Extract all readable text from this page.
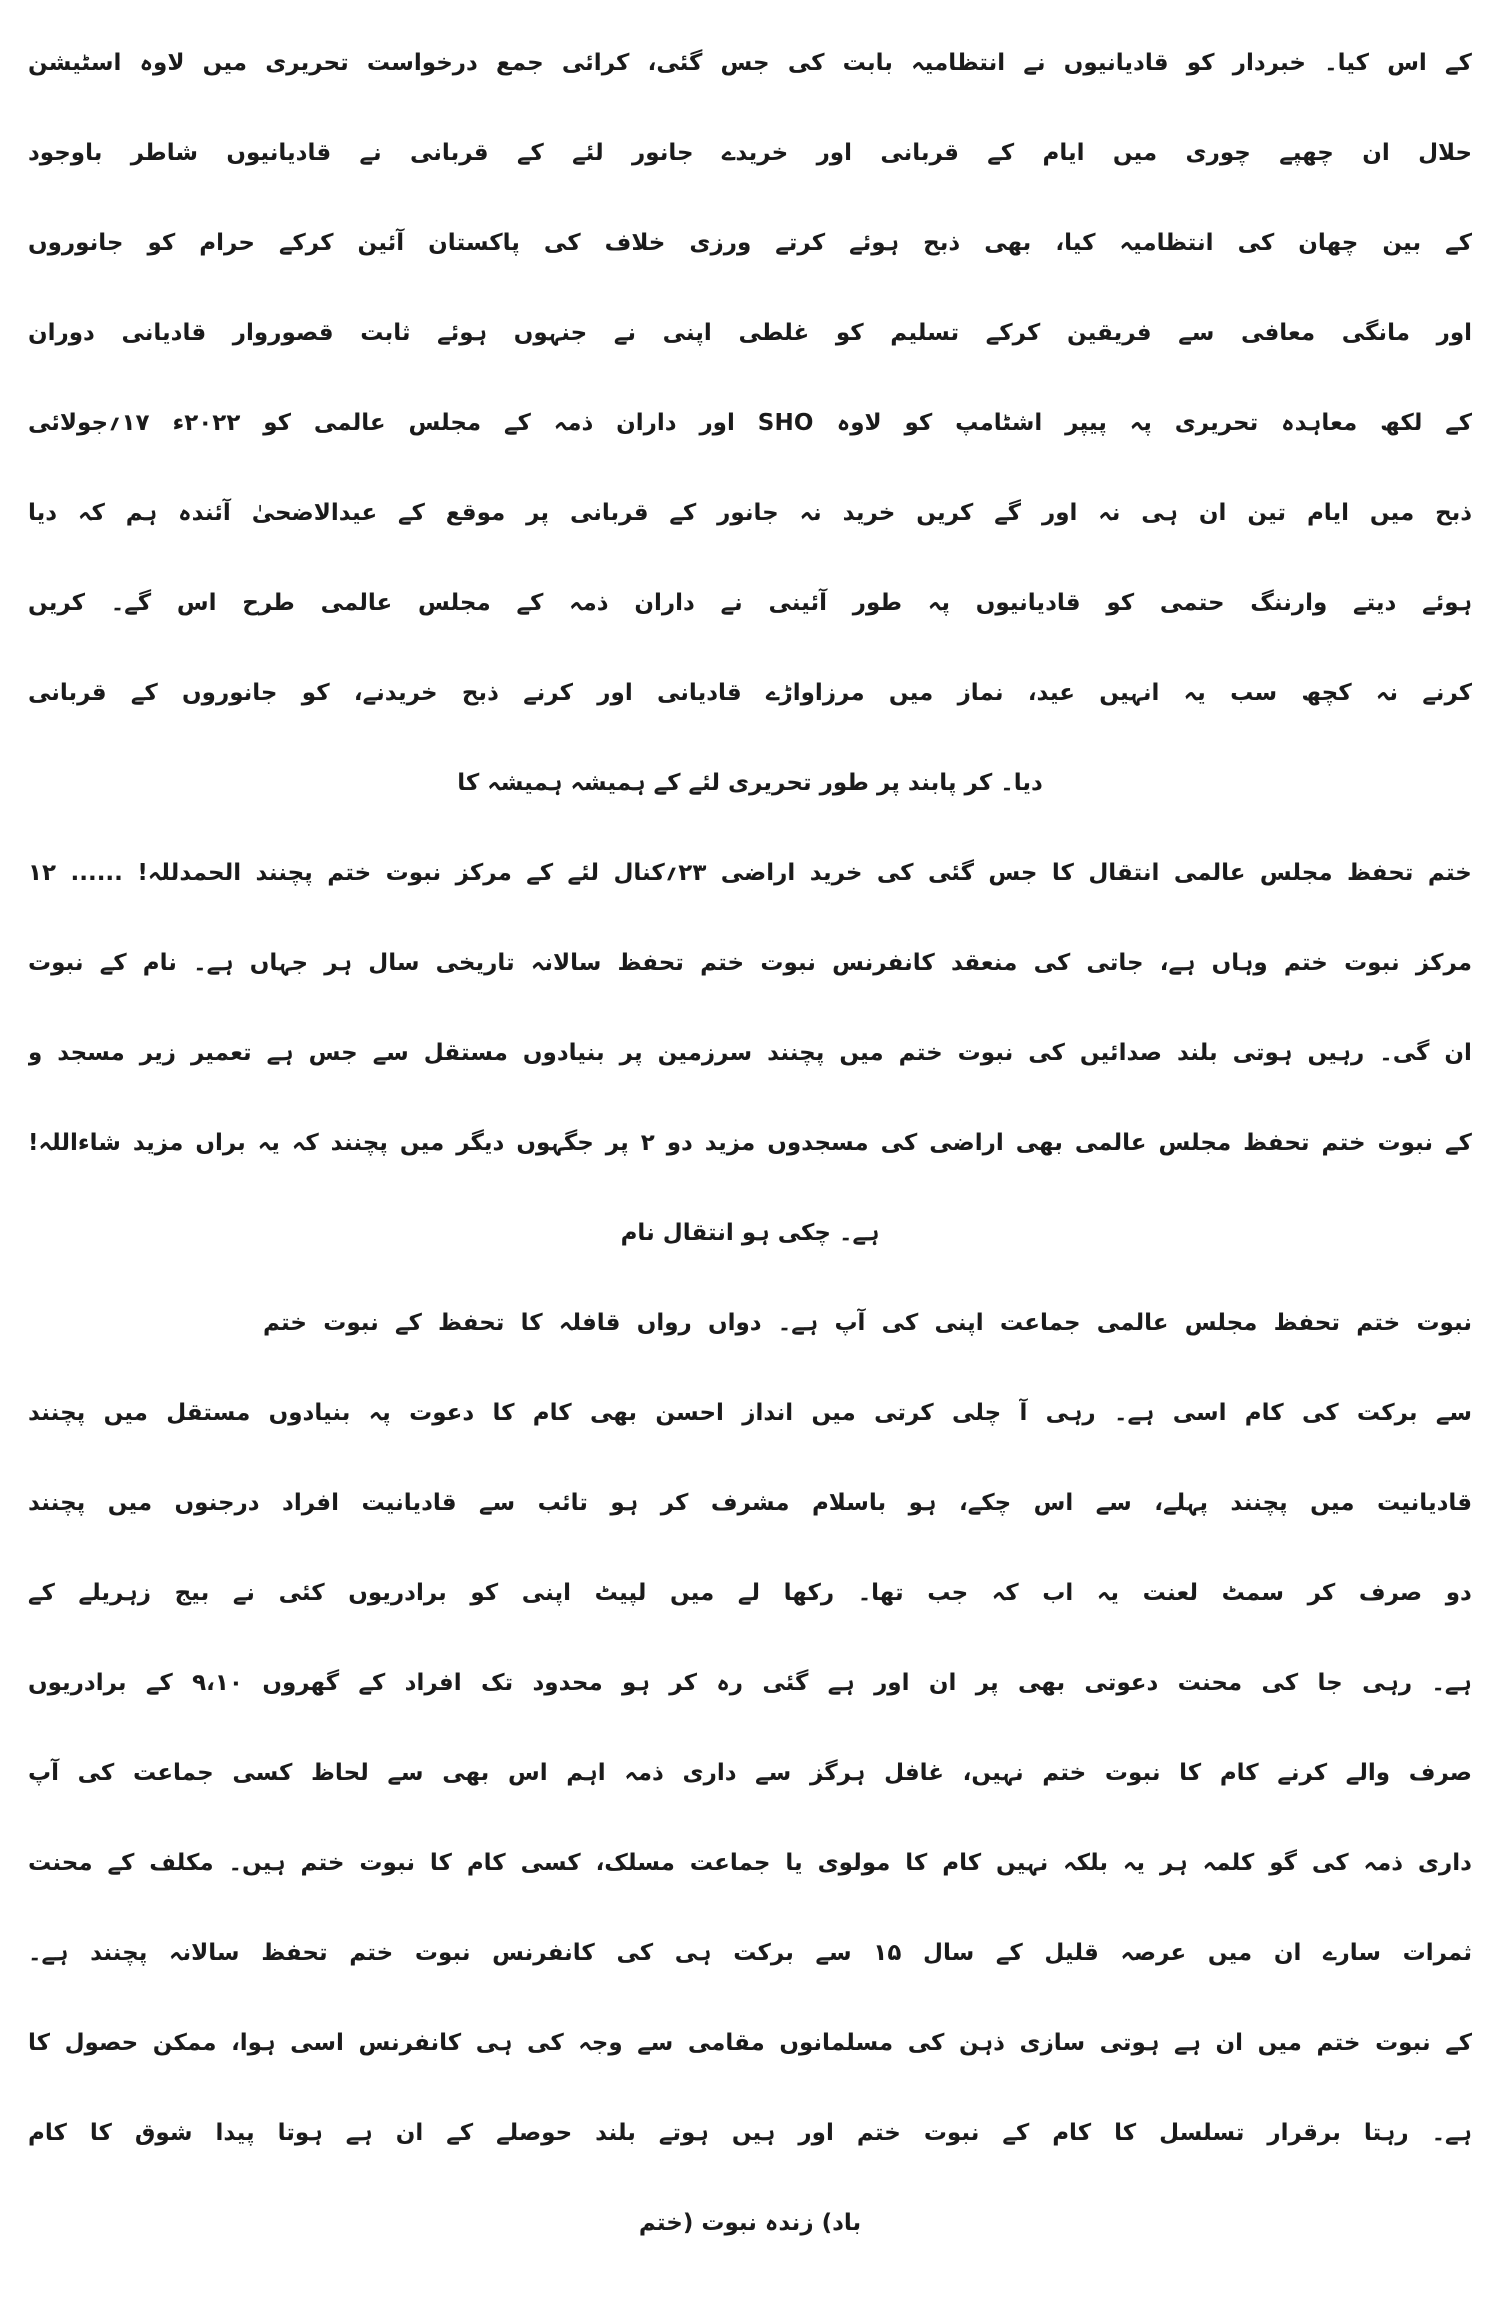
اسٹیشن لاوہ میں تحریری درخواست جمع کرائی گئی، جس کی بابت انتظامیہ نے قادیانیوں کو خبردار کیا۔ اس کے
باوجود شاطر قادیانیوں نے قربانی کے لئے جانور خریدے اور قربانی کے ایام میں چوری چھپے ان حلال
جانوروں کو حرام کرکے آئین پاکستان کی خلاف ورزی کرتے ہوئے ذبح بھی کیا، انتظامیہ کی چھان بین کے
دوران قادیانی قصوروار ثابت ہوئے جنہوں نے اپنی غلطی کو تسلیم کرکے فریقین سے معافی مانگی اور
۱۷؍جولائی ۲۰۲۲ء کو عالمی مجلس کے ذمہ داران اور SHO لاوہ کو اشٹامپ پیپر پہ تحریری معاہدہ لکھ کے
دیا کہ ہم آئندہ عیدالاضحیٰ کے موقع پر قربانی کے جانور نہ خرید کریں گے اور نہ ہی ان تین ایام میں ذبح
کریں گے۔ اس طرح عالمی مجلس کے ذمہ داران نے آئینی طور پہ قادیانیوں کو حتمی وارننگ دیتے ہوئے
قربانی کے جانوروں کو خریدنے، ذبح کرنے اور قادیانی مرزاواڑے میں نماز عید، انہیں یہ سب کچھ نہ کرنے
کا ہمیشہ ہمیشہ کے لئے تحریری طور پر پابند کر دیا۔
۱۲ ...... الحمدللہ! پچنند ختم نبوت مرکز کے لئے ۲۳؍کنال اراضی خرید کی گئی جس کا انتقال عالمی مجلس تحفظ ختم
نبوت کے نام ہے۔ جہاں ہر سال تاریخی سالانہ تحفظ ختم نبوت کانفرنس منعقد کی جاتی ہے، وہاں ختم نبوت مرکز
و مسجد زیر تعمیر ہے جس سے مستقل بنیادوں پر سرزمین پچنند میں ختم نبوت کی صدائیں بلند ہوتی رہیں گی۔ ان
شاءاللہ! مزید براں یہ کہ پچنند میں دیگر جگہوں پر ۲ دو مزید مسجدوں کی اراضی بھی عالمی مجلس تحفظ ختم نبوت کے
نام انتقال ہو چکی ہے۔
ختم نبوت کے تحفظ کا قافلہ رواں دواں ہے۔ آپ کی اپنی جماعت عالمی مجلس تحفظ ختم نبوت
پچنند میں مستقل بنیادوں پہ دعوت کا کام بھی احسن انداز میں کرتی چلی آ رہی ہے۔ اسی کام کی برکت سے
پچنند میں درجنوں افراد قادیانیت سے تائب ہو کر مشرف باسلام ہو چکے، اس سے پہلے، پچنند میں قادیانیت
کے زہریلے بیج نے کئی برادریوں کو اپنی لپیٹ میں لے رکھا تھا۔ جب کہ اب یہ لعنت سمٹ کر صرف دو
برادریوں کے ۹،۱۰ گھروں کے افراد تک محدود ہو کر رہ گئی ہے اور ان پر بھی دعوتی محنت کی جا رہی ہے۔
آپ کی جماعت کسی لحاظ سے بھی اس اہم ذمہ داری سے ہرگز غافل نہیں، ختم نبوت کا کام کرنے والے صرف
محنت کے مکلف ہیں۔ ختم نبوت کا کام کسی مسلک، جماعت یا مولوی کا کام نہیں بلکہ یہ ہر کلمہ گو کی ذمہ داری
ہے۔ پچنند سالانہ تحفظ ختم نبوت کانفرنس کی ہی برکت سے ۱۵ سال کے قلیل عرصہ میں ان سارے ثمرات
کا حصول ممکن ہوا، اسی کانفرنس ہی کی وجہ سے مقامی مسلمانوں کی ذہن سازی ہوتی ہے ان میں ختم نبوت کے
کام کا شوق پیدا ہوتا ہے ان کے حوصلے بلند ہوتے ہیں اور ختم نبوت کے کام کا تسلسل برقرار رہتا ہے۔
(ختم نبوت زندہ باد)
